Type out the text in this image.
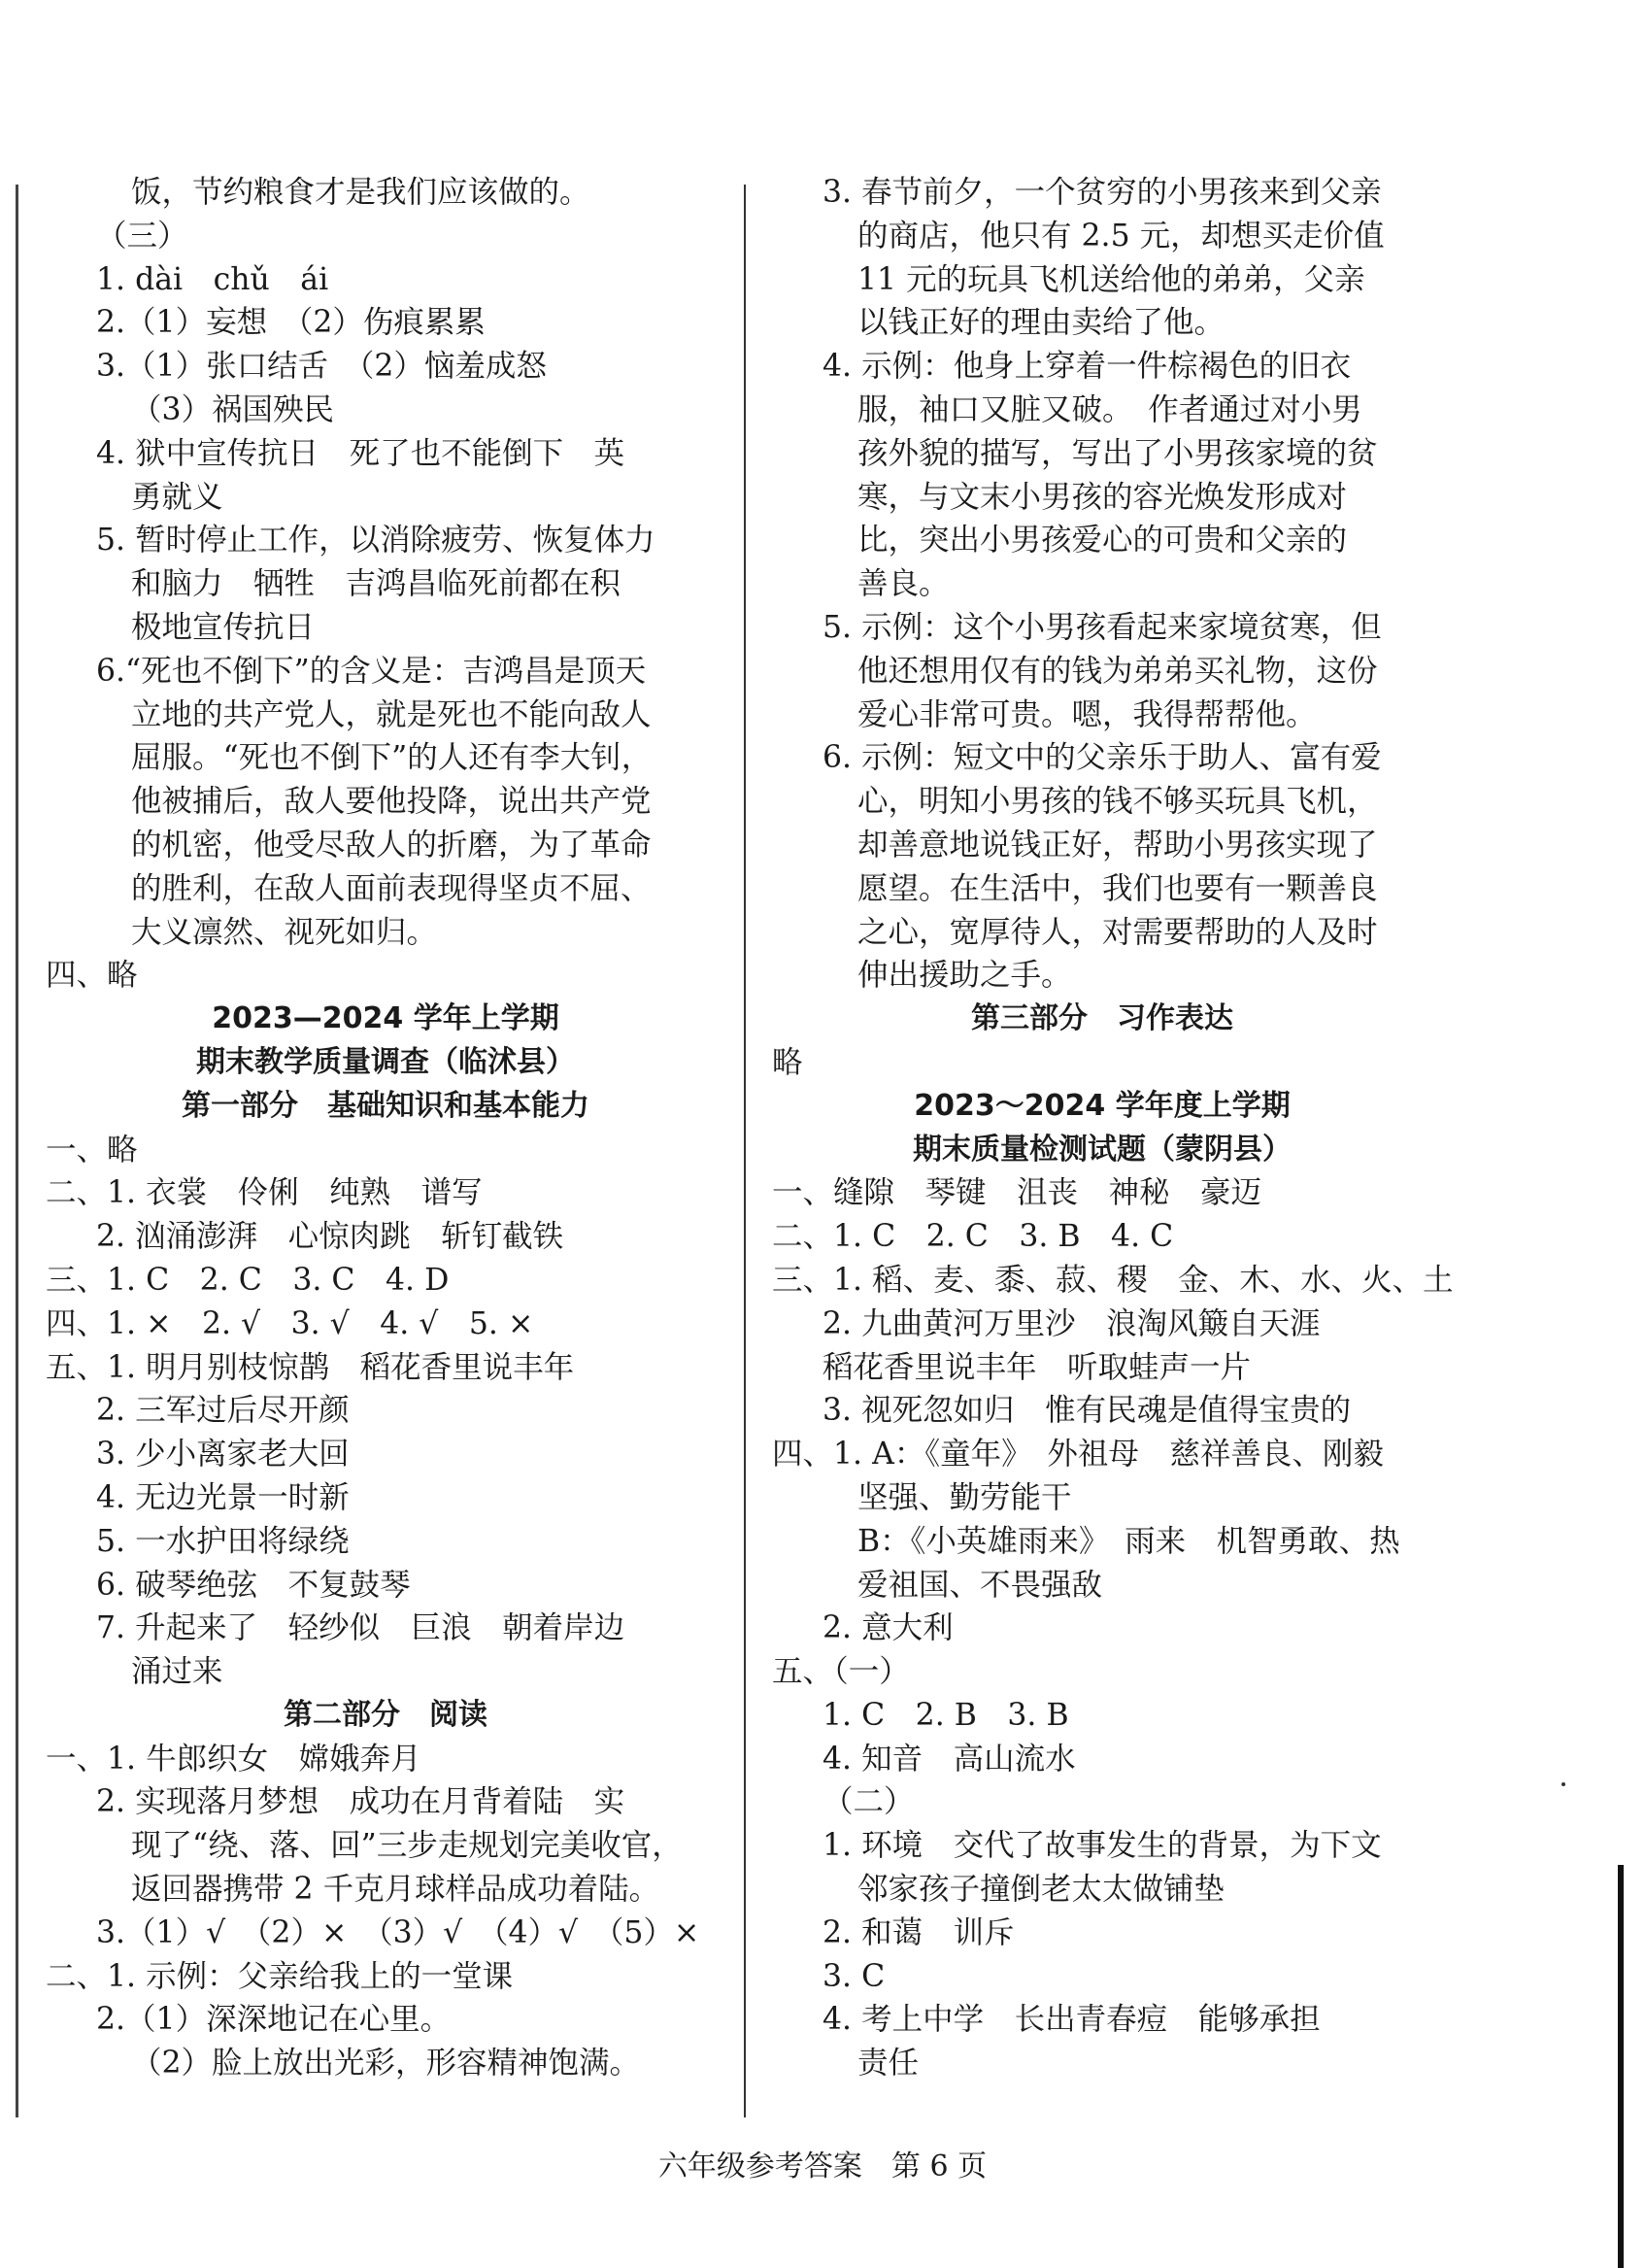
饭，节约粮食才是我们应该做的。
（三）
1. dài　chǔ　ái
2.（1）妄想　（2）伤痕累累
3.（1）张口结舌　（2）恼羞成怒
（3）祸国殃民
4. 狱中宣传抗日　死了也不能倒下　英
勇就义
5. 暂时停止工作，以消除疲劳、恢复体力
和脑力　牺牲　吉鸿昌临死前都在积
极地宣传抗日
6.“死也不倒下”的含义是：吉鸿昌是顶天
立地的共产党人，就是死也不能向敌人
屈服。“死也不倒下”的人还有李大钊，
他被捕后，敌人要他投降，说出共产党
的机密，他受尽敌人的折磨，为了革命
的胜利，在敌人面前表现得坚贞不屈、
大义凛然、视死如归。
四、略
2023—2024 学年上学期
期末教学质量调查（临沭县）
第一部分　基础知识和基本能力
一、略
二、1. 衣裳　伶俐　纯熟　谱写
2. 汹涌澎湃　心惊肉跳　斩钉截铁
三、1. C　2. C　3. C　4. D
四、1. ×　2. √　3. √　4. √　5. ×
五、1. 明月别枝惊鹊　稻花香里说丰年
2. 三军过后尽开颜
3. 少小离家老大回
4. 无边光景一时新
5. 一水护田将绿绕
6. 破琴绝弦　不复鼓琴
7. 升起来了　轻纱似　巨浪　朝着岸边
涌过来
第二部分　阅读
一、1. 牛郎织女　嫦娥奔月
2. 实现落月梦想　成功在月背着陆　实
现了“绕、落、回”三步走规划完美收官，
返回器携带 2 千克月球样品成功着陆。
3.（1）√　（2）×　（3）√　（4）√　（5）×
二、1. 示例：父亲给我上的一堂课
2.（1）深深地记在心里。
（2）脸上放出光彩，形容精神饱满。
3. 春节前夕，一个贫穷的小男孩来到父亲
的商店，他只有 2.5 元，却想买走价值
11 元的玩具飞机送给他的弟弟，父亲
以钱正好的理由卖给了他。
4. 示例：他身上穿着一件棕褐色的旧衣
服，袖口又脏又破。　作者通过对小男
孩外貌的描写，写出了小男孩家境的贫
寒，与文末小男孩的容光焕发形成对
比，突出小男孩爱心的可贵和父亲的
善良。
5. 示例：这个小男孩看起来家境贫寒，但
他还想用仅有的钱为弟弟买礼物，这份
爱心非常可贵。嗯，我得帮帮他。
6. 示例：短文中的父亲乐于助人、富有爱
心，明知小男孩的钱不够买玩具飞机，
却善意地说钱正好，帮助小男孩实现了
愿望。在生活中，我们也要有一颗善良
之心，宽厚待人，对需要帮助的人及时
伸出援助之手。
第三部分　习作表达
略
2023～2024 学年度上学期
期末质量检测试题（蒙阴县）
一、缝隙　琴键　沮丧　神秘　豪迈
二、1. C　2. C　3. B　4. C
三、1. 稻、麦、黍、菽、稷　金、木、水、火、土
2. 九曲黄河万里沙　浪淘风簸自天涯
稻花香里说丰年　听取蛙声一片
3. 视死忽如归　惟有民魂是值得宝贵的
四、1. A：《童年》　外祖母　慈祥善良、刚毅
坚强、勤劳能干
B：《小英雄雨来》　雨来　机智勇敢、热
爱祖国、不畏强敌
2. 意大利
五、（一）
1. C　2. B　3. B
4. 知音　高山流水
（二）
1. 环境　交代了故事发生的背景，为下文
邻家孩子撞倒老太太做铺垫
2. 和蔼　训斥
3. C
4. 考上中学　长出青春痘　能够承担
责任
六年级参考答案　第 6 页
